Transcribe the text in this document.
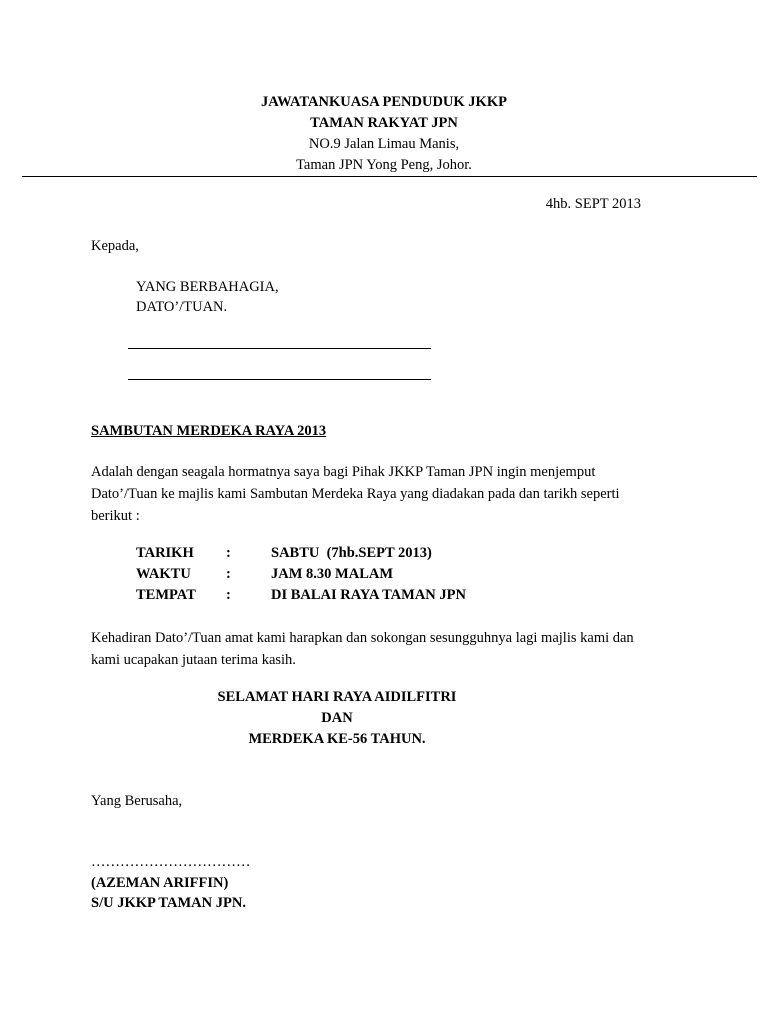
JAWATANKUASA PENDUDUK JKKP
TAMAN RAKYAT JPN
NO.9 Jalan Limau Manis,
Taman JPN Yong Peng, Johor.
4hb. SEPT 2013
Kepada,
YANG BERBAHAGIA,
DATO’/TUAN.
SAMBUTAN MERDEKA RAYA 2013
Adalah dengan seagala hormatnya saya bagi Pihak JKKP Taman JPN ingin menjemput
Dato’/Tuan ke majlis kami Sambutan Merdeka Raya yang diadakan pada dan tarikh seperti
berikut :
TARIKH :	SABTU  (7hb.SEPT 2013)
WAKTU :	JAM 8.30 MALAM
TEMPAT :	DI BALAI RAYA TAMAN JPN
Kehadiran Dato’/Tuan amat kami harapkan dan sokongan sesungguhnya lagi majlis kami dan
kami ucapakan jutaan terima kasih.
SELAMAT HARI RAYA AIDILFITRI
DAN
MERDEKA KE-56 TAHUN.
Yang Berusaha,
……………………………
(AZEMAN ARIFFIN)
S/U JKKP TAMAN JPN.
